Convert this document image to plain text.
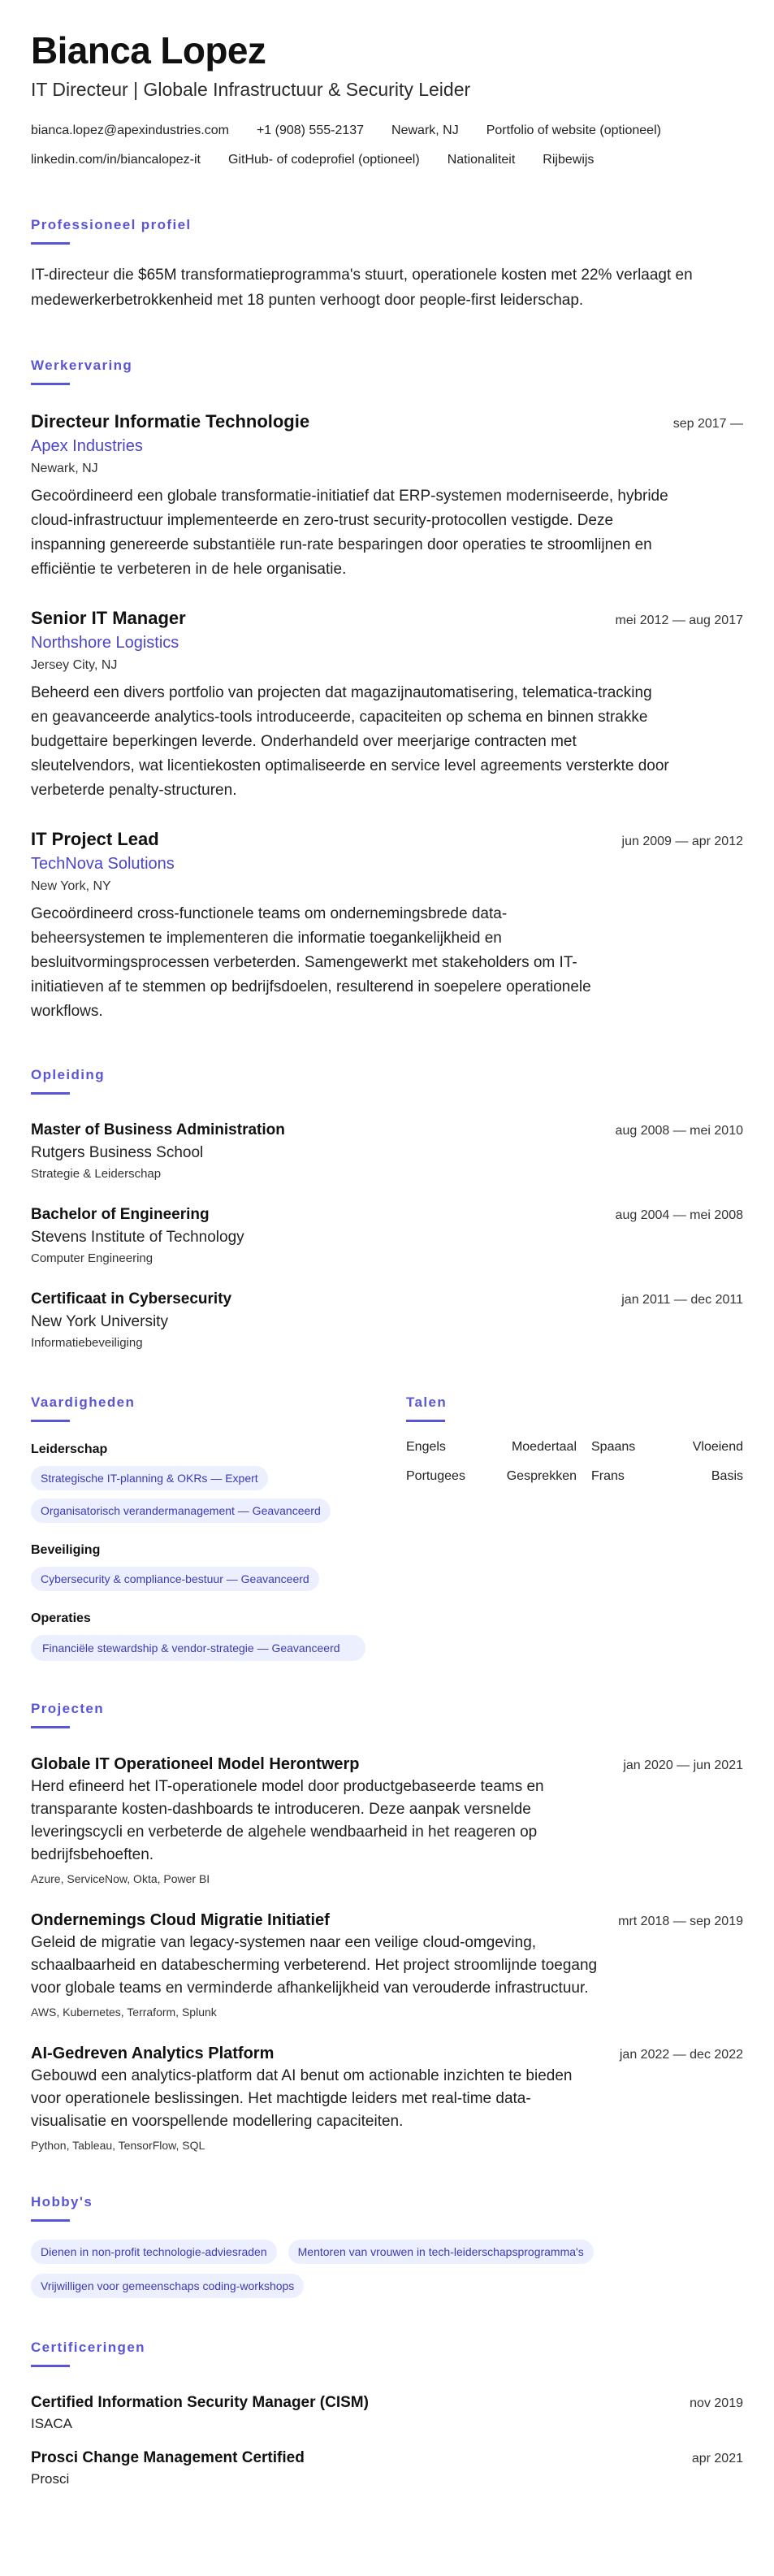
Bianca Lopez
IT Directeur | Globale Infrastructuur & Security Leider
bianca.lopez@apexindustries.com +1 (908) 555-2137 Newark, NJ Portfolio of website (optioneel)
linkedin.com/in/biancalopez-it GitHub- of codeprofiel (optioneel) Nationaliteit Rijbewijs
Professioneel profiel
IT-directeur die $65M transformatieprogramma's stuurt, operationele kosten met 22% verlaagt en medewerkerbetrokkenheid met 18 punten verhoogt door people-first leiderschap.
Werkervaring
Directeur Informatie Technologie	sep 2017 —
Apex Industries
Newark, NJ
Gecoördineerd een globale transformatie-initiatief dat ERP-systemen moderniseerde, hybride cloud-infrastructuur implementeerde en zero-trust security-protocollen vestigde. Deze inspanning genereerde substantiële run-rate besparingen door operaties te stroomlijnen en efficiëntie te verbeteren in de hele organisatie.
Senior IT Manager	mei 2012 — aug 2017
Northshore Logistics
Jersey City, NJ
Beheerd een divers portfolio van projecten dat magazijnautomatisering, telematica-tracking en geavanceerde analytics-tools introduceerde, capaciteiten op schema en binnen strakke budgettaire beperkingen leverde. Onderhandeld over meerjarige contracten met sleutelvendors, wat licentiekosten optimaliseerde en service level agreements versterkte door verbeterde penalty-structuren.
IT Project Lead	jun 2009 — apr 2012
TechNova Solutions
New York, NY
Gecoördineerd cross-functionele teams om ondernemingsbrede data-beheersystemen te implementeren die informatie toegankelijkheid en besluitvormingsprocessen verbeterden. Samengewerkt met stakeholders om IT-initiatieven af te stemmen op bedrijfsdoelen, resulterend in soepelere operationele workflows.
Opleiding
Master of Business Administration	aug 2008 — mei 2010
Rutgers Business School
Strategie & Leiderschap
Bachelor of Engineering	aug 2004 — mei 2008
Stevens Institute of Technology
Computer Engineering
Certificaat in Cybersecurity	jan 2011 — dec 2011
New York University
Informatiebeveiliging
Vaardigheden
Leiderschap
Strategische IT-planning & OKRs — Expert
Organisatorisch verandermanagement — Geavanceerd
Beveiliging
Cybersecurity & compliance-bestuur — Geavanceerd
Operaties
Financiële stewardship & vendor-strategie — Geavanceerd
Talen
Engels	Moedertaal	Spaans	Vloeiend
Portugees	Gesprekken	Frans	Basis
Projecten
Globale IT Operationeel Model Herontwerp	jan 2020 — jun 2021
Herd efineerd het IT-operationele model door productgebaseerde teams en transparante kosten-dashboards te introduceren. Deze aanpak versnelde leveringscycli en verbeterde de algehele wendbaarheid in het reageren op bedrijfsbehoeften.
Azure, ServiceNow, Okta, Power BI
Ondernemings Cloud Migratie Initiatief	mrt 2018 — sep 2019
Geleid de migratie van legacy-systemen naar een veilige cloud-omgeving, schaalbaarheid en databescherming verbeterend. Het project stroomlijnde toegang voor globale teams en verminderde afhankelijkheid van verouderde infrastructuur.
AWS, Kubernetes, Terraform, Splunk
AI-Gedreven Analytics Platform	jan 2022 — dec 2022
Gebouwd een analytics-platform dat AI benut om actionable inzichten te bieden voor operationele beslissingen. Het machtigde leiders met real-time data-visualisatie en voorspellende modellering capaciteiten.
Python, Tableau, TensorFlow, SQL
Hobby's
Dienen in non-profit technologie-adviesraden	Mentoren van vrouwen in tech-leiderschapsprogramma's
Vrijwilligen voor gemeenschaps coding-workshops
Certificeringen
Certified Information Security Manager (CISM)	nov 2019
ISACA
Prosci Change Management Certified	apr 2021
Prosci
